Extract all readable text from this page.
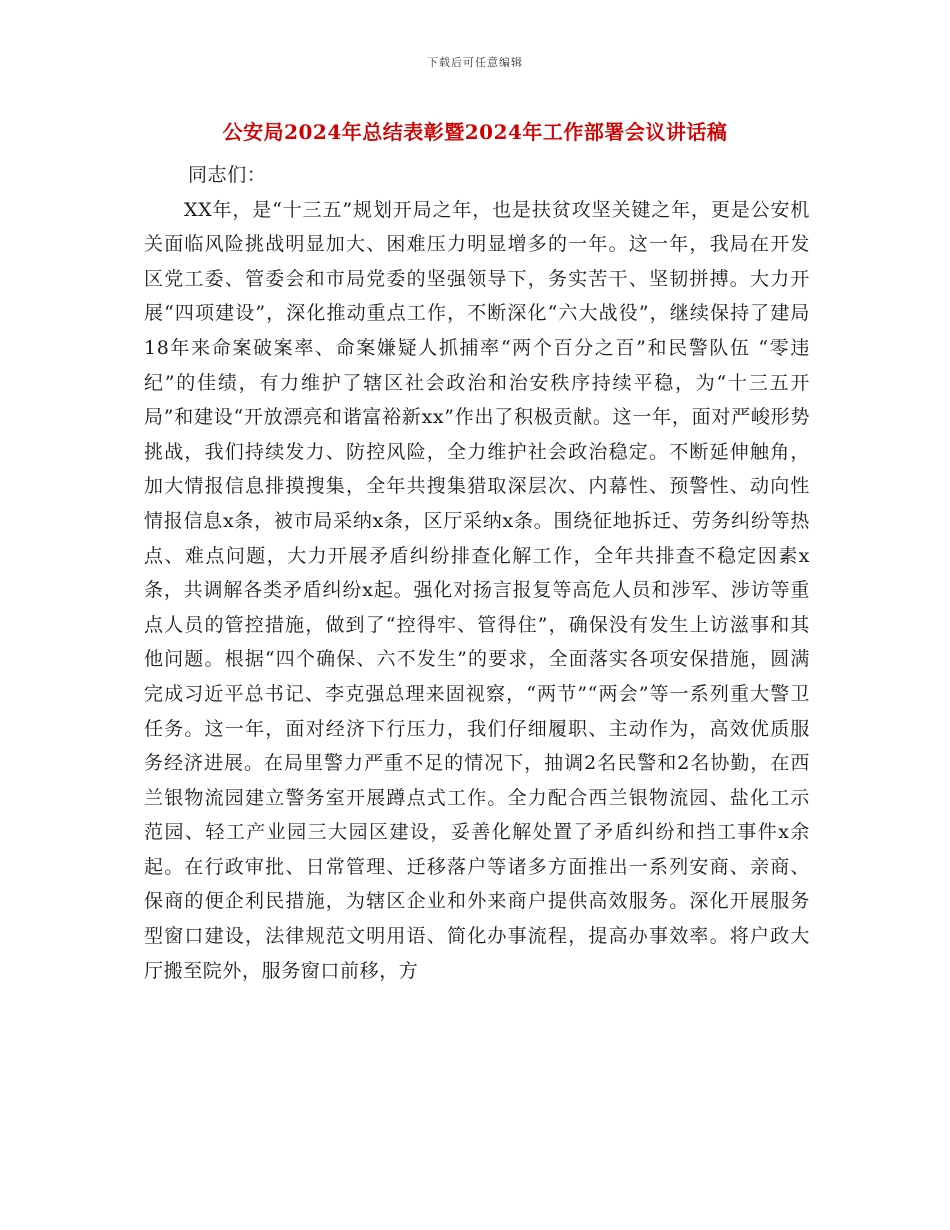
下载后可任意编辑
公安局2024年总结表彰暨2024年工作部署会议讲话稿

同志们：

XX年，是“十三五”规划开局之年，也是扶贫攻坚关键之年，更是公安机关面临风险挑战明显加大、困难压力明显增多的一年。这一年，我局在开发区党工委、管委会和市局党委的坚强领导下，务实苦干、坚韧拼搏。大力开展“四项建设”，深化推动重点工作，不断深化“六大战役”，继续保持了建局18年来命案破案率、命案嫌疑人抓捕率“两个百分之百”和民警队伍 “零违纪”的佳绩，有力维护了辖区社会政治和治安秩序持续平稳，为“十三五开局”和建设“开放漂亮和谐富裕新xx”作出了积极贡献。这一年，面对严峻形势挑战，我们持续发力、防控风险，全力维护社会政治稳定。不断延伸触角，加大情报信息排摸搜集，全年共搜集猎取深层次、内幕性、预警性、动向性情报信息x条，被市局采纳x条，区厅采纳x条。围绕征地拆迁、劳务纠纷等热点、难点问题，大力开展矛盾纠纷排查化解工作，全年共排查不稳定因素x条，共调解各类矛盾纠纷x起。强化对扬言报复等高危人员和涉军、涉访等重点人员的管控措施，做到了“控得牢、管得住”，确保没有发生上访滋事和其他问题。根据“四个确保、六不发生”的要求，全面落实各项安保措施，圆满完成习近平总书记、李克强总理来固视察，“两节”“两会”等一系列重大警卫任务。这一年，面对经济下行压力，我们仔细履职、主动作为，高效优质服务经济进展。在局里警力严重不足的情况下，抽调2名民警和2名协勤，在西兰银物流园建立警务室开展蹲点式工作。全力配合西兰银物流园、盐化工示范园、轻工产业园三大园区建设，妥善化解处置了矛盾纠纷和挡工事件x余起。在行政审批、日常管理、迁移落户等诸多方面推出一系列安商、亲商、保商的便企利民措施，为辖区企业和外来商户提供高效服务。深化开展服务型窗口建设，法律规范文明用语、简化办事流程，提高办事效率。将户政大厅搬至院外，服务窗口前移，方
